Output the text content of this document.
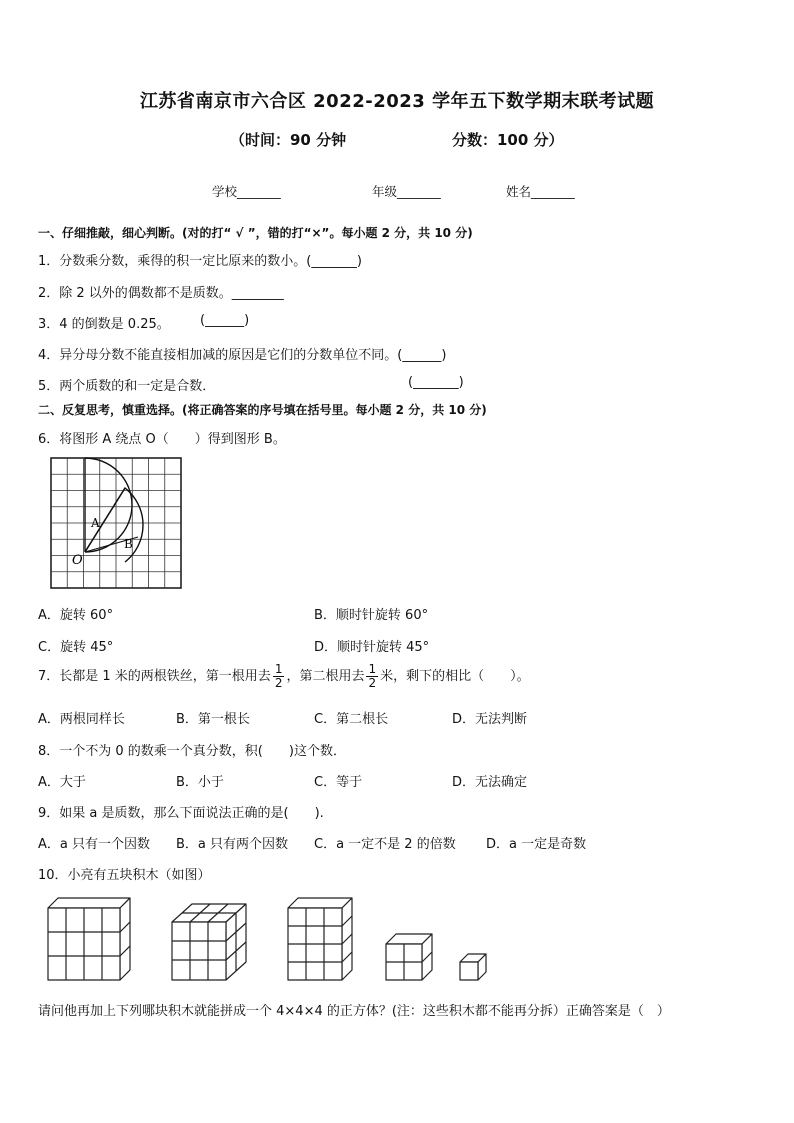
江苏省南京市六合区 2022-2023 学年五下数学期末联考试题
（时间：90 分钟	分数：100 分）
学校_______	年级_______	姓名_______
一、仔细推敲，细心判断。(对的打“ √ ”，错的打“×”。每小题 2 分，共 10 分)
1．分数乘分数，乘得的积一定比原来的数小。(_______)
2．除 2 以外的偶数都不是质数。________
3．4 的倒数是 0.25。 (______)
4．异分母分数不能直接相加减的原因是它们的分数单位不同。(______)
5．两个质数的和一定是合数．	(_______)
二、反复思考，慎重选择。(将正确答案的序号填在括号里。每小题 2 分，共 10 分)
6．将图形 A 绕点 O（　　）得到图形 B。
A
B
O
A．旋转 60°	B．顺时针旋转 60°
C．旋转 45°	D．顺时针旋转 45°
7．长都是 1 米的两根铁丝，第一根用去 $\frac{1}{2}$ ，第二根用去 $\frac{1}{2}$ 米，剩下的相比（　　）。
A．两根同样长	B．第一根长	C．第二根长	D．无法判断
8．一个不为 0 的数乘一个真分数，积(　　)这个数．
A．大于	B．小于	C．等于	D．无法确定
9．如果 a 是质数，那么下面说法正确的是(　　).
A．a 只有一个因数 B．a 只有两个因数 C．a 一定不是 2 的倍数 D．a 一定是奇数
10．小亮有五块积木（如图）
请问他再加上下列哪块积木就能拼成一个 4×4×4 的正方体？(注：这些积木都不能再分拆）正确答案是（　）
